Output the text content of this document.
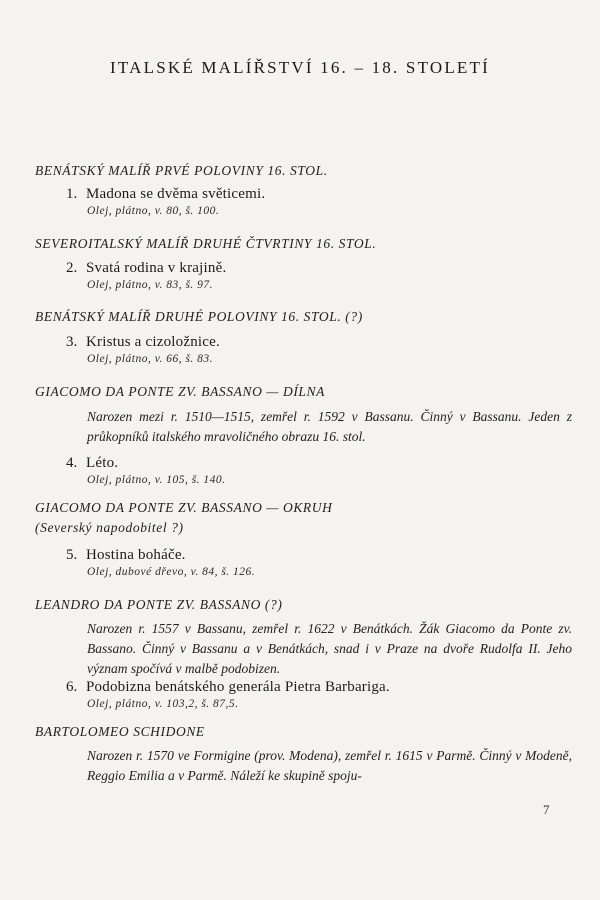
ITALSKÉ MALÍŘSTVÍ 16. – 18. STOLETÍ
BENÁTSKÝ MALÍŘ PRVÉ POLOVINY 16. STOL.
1. Madona se dvěma světicemi.
Olej, plátno, v. 80, š. 100.
SEVEROITALSKÝ MALÍŘ DRUHÉ ČTVRTINY 16. STOL.
2. Svatá rodina v krajině.
Olej, plátno, v. 83, š. 97.
BENÁTSKÝ MALÍŘ DRUHÉ POLOVINY 16. STOL. (?)
3. Kristus a cizoložnice.
Olej, plátno, v. 66, š. 83.
GIACOMO DA PONTE ZV. BASSANO — DÍLNA
Narozen mezi r. 1510—1515, zemřel r. 1592 v Bassanu. Činný v Bassanu. Jeden z průkopníků italského mravoličného obrazu 16. stol.
4. Léto.
Olej, plátno, v. 105, š. 140.
GIACOMO DA PONTE ZV. BASSANO — OKRUH
(Severský napodobitel ?)
5. Hostina boháče.
Olej, dubové dřevo, v. 84, š. 126.
LEANDRO DA PONTE ZV. BASSANO (?)
Narozen r. 1557 v Bassanu, zemřel r. 1622 v Benátkách. Žák Giacomo da Ponte zv. Bassano. Činný v Bassanu a v Benátkách, snad i v Praze na dvoře Rudolfa II. Jeho význam spočívá v malbě podobizen.
6. Podobizna benátského generála Pietra Barbariga.
Olej, plátno, v. 103,2, š. 87,5.
BARTOLOMEO SCHIDONE
Narozen r. 1570 ve Formigine (prov. Modena), zemřel r. 1615 v Parmě. Činný v Modeně, Reggio Emilia a v Parmě. Náleží ke skupině spoju-
7
